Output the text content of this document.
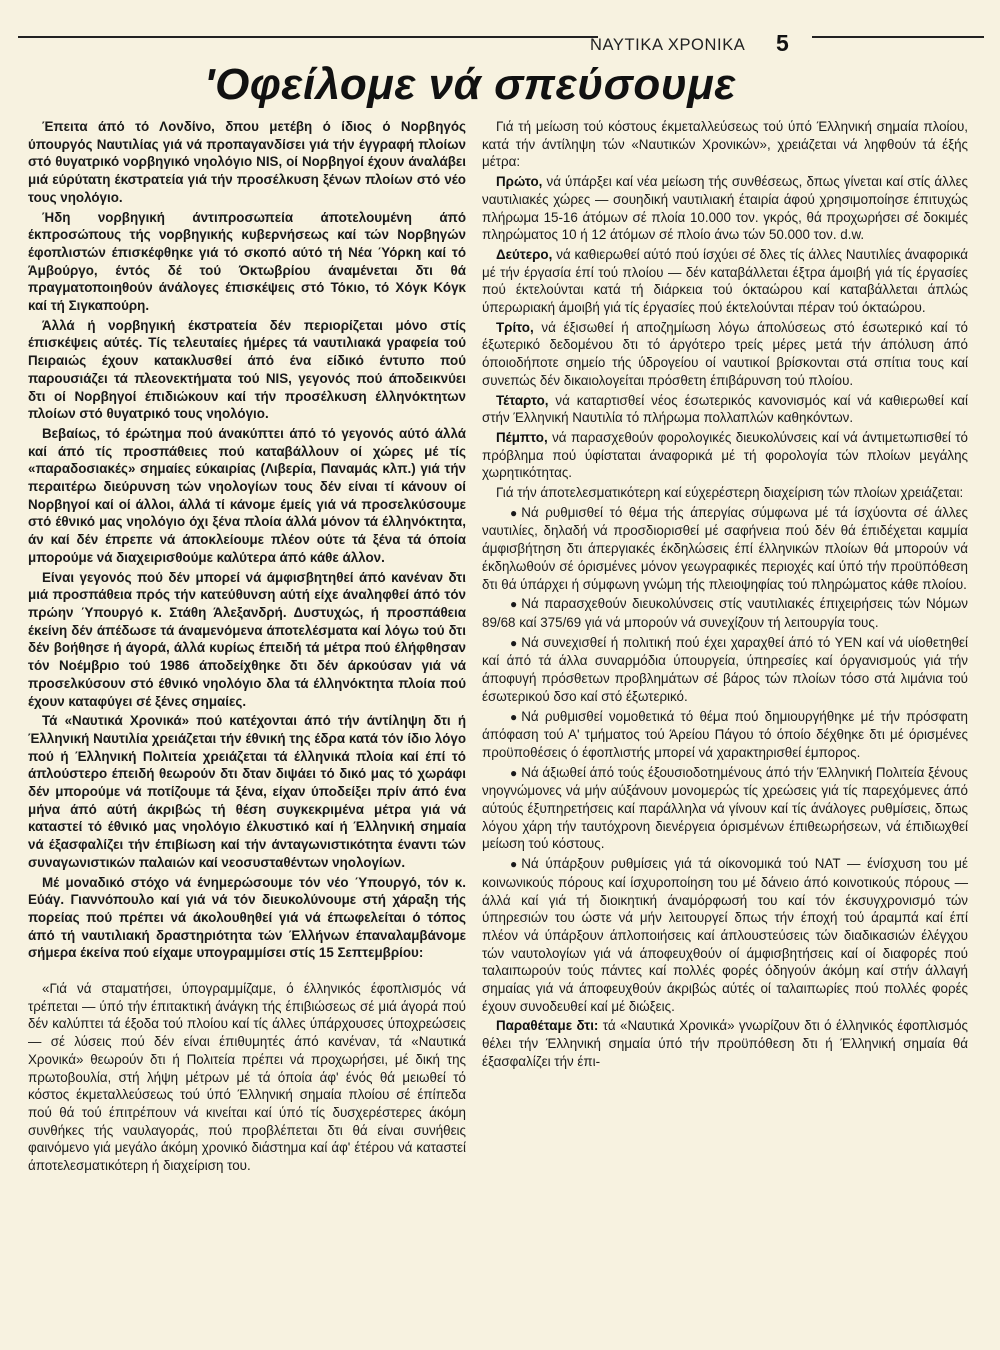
ΝΑΥΤΙΚΑ ΧΡΟΝΙΚΑ 5
'Οφείλομε νά σπεύσουμε

Έπειτα άπό τό Λονδίνο, δπου μετέβη ό ίδιος ό Νορβηγός ύπουργός Ναυτιλίας γιά νά προπαγανδίσει γιά τήν έγγραφή πλοίων στό θυγατρικό νορβηγικό νηολόγιο NIS, οί Νορβηγοί έχουν άναλάβει μιά εύρύτατη έκστρατεία γιά τήν προσέλκυση ξένων πλοίων στό νέο τους νηολόγιο.

Ήδη νορβηγική άντιπροσωπεία άποτελουμένη άπό έκπροσώπους τής νορβηγικής κυβερνήσεως καί τών Νορβηγών έφοπλιστών έπισκέφθηκε γιά τό σκοπό αύτό τή Νέα Ύόρκη καί τό Άμβούργο, έντός δέ τού Όκτωβρίου άναμένεται δτι θά πραγματοποιηθούν άνάλογες έπισκέψεις στό Τόκιο, τό Χόγκ Κόγκ καί τή Σιγκαπούρη.

Άλλά ή νορβηγική έκστρατεία δέν περιορίζεται μόνο στίς έπισκέψεις αύτές. Τίς τελευταίες ήμέρες τά ναυτιλιακά γραφεία τού Πειραιώς έχουν κατακλυσθεί άπό ένα είδικό έντυπο πού παρουσιάζει τά πλεονεκτήματα τού NIS, γεγονός πού άποδεικνύει δτι οί Νορβηγοί έπιδιώκουν καί τήν προσέλκυση έλληνόκτητων πλοίων στό θυγατρικό τους νηολόγιο.

Βεβαίως, τό έρώτημα πού άνακύπτει άπό τό γεγονός αύτό άλλά καί άπό τίς προσπάθειες πού καταβάλλουν οί χώρες μέ τίς «παραδοσιακές» σημαίες εύκαιρίας (Λιβερία, Παναμάς κλπ.) γιά τήν περαιτέρω διεύρυνση τών νηολογίων τους δέν είναι τί κάνουν οί Νορβηγοί καί οί άλλοι, άλλά τί κάνομε έμείς γιά νά προσελκύσουμε στό έθνικό μας νηολόγιο όχι ξένα πλοία άλλά μόνον τά έλληνόκτητα, άν καί δέν έπρεπε νά άποκλείουμε πλέον ούτε τά ξένα τά όποία μπορούμε νά διαχειρισθούμε καλύτερα άπό κάθε άλλον.

Είναι γεγονός πού δέν μπορεί νά άμφισβητηθεί άπό κανέναν δτι μιά προσπάθεια πρός τήν κατεύθυνση αύτή είχε άναληφθεί άπό τόν πρώην Ύπουργό κ. Στάθη Άλεξανδρή. Δυστυχώς, ή προσπάθεια έκείνη δέν άπέδωσε τά άναμενόμενα άποτελέσματα καί λόγω τού δτι δέν βοήθησε ή άγορά, άλλά κυρίως έπειδή τά μέτρα πού έλήφθησαν τόν Νοέμβριο τού 1986 άποδείχθηκε δτι δέν άρκούσαν γιά νά προσελκύσουν στό έθνικό νηολόγιο δλα τά έλληνόκτητα πλοία πού έχουν καταφύγει σέ ξένες σημαίες.

Τά «Ναυτικά Χρονικά» πού κατέχονται άπό τήν άντίληψη δτι ή Έλληνική Ναυτιλία χρειάζεται τήν έθνική της έδρα κατά τόν ίδιο λόγο πού ή Έλληνική Πολιτεία χρειάζεται τά έλληνικά πλοία καί έπί τό άπλούστερο έπειδή θεωρούν δτι δταν διψάει τό δικό μας τό χωράφι δέν μπορούμε νά ποτίζουμε τά ξένα, είχαν ύποδείξει πρίν άπό ένα μήνα άπό αύτή άκριβώς τή θέση συγκεκριμένα μέτρα γιά νά καταστεί τό έθνικό μας νηολόγιο έλκυστικό καί ή Έλληνική σημαία νά έξασφαλίζει τήν έπιβίωση καί τήν άνταγωνιστικότητα έναντι τών συναγωνιστικών παλαιών καί νεοσυσταθέντων νηολογίων.

Μέ μοναδικό στόχο νά ένημερώσουμε τόν νέο Ύπουργό, τόν κ. Εύάγ. Γιαννόπουλο καί γιά νά τόν διευκολύνουμε στή χάραξη τής πορείας πού πρέπει νά άκολουθηθεί γιά νά έπωφελείται ό τόπος άπό τή ναυτιλιακή δραστηριότητα τών Έλλήνων έπαναλαμβάνομε σήμερα έκείνα πού είχαμε υπογραμμίσει στίς 15 Σεπτεμβρίου:

«Γιά νά σταματήσει, ύπογραμμίζαμε, ό έλληνικός έφοπλισμός νά τρέπεται — ύπό τήν έπιτακτική άνάγκη τής έπιβιώσεως σέ μιά άγορά πού δέν καλύπτει τά έξοδα τού πλοίου καί τίς άλλες ύπάρχουσες ύποχρεώσεις — σέ λύσεις πού δέν είναι έπιθυμητές άπό κανέναν, τά «Ναυτικά Χρονικά» θεωρούν δτι ή Πολιτεία πρέπει νά προχωρήσει, μέ δική της πρωτοβουλία, στή λήψη μέτρων μέ τά όποία άφ' ένός θά μειωθεί τό κόστος έκμεταλλεύσεως τού ύπό Έλληνική σημαία πλοίου σέ έπίπεδα πού θά τού έπιτρέπουν νά κινείται καί ύπό τίς δυσχερέστερες άκόμη συνθήκες τής ναυλαγοράς, πού προβλέπεται δτι θά είναι συνήθεις φαινόμενο γιά μεγάλο άκόμη χρονικό διάστημα καί άφ' έτέρου νά καταστεί άποτελεσματικότερη ή διαχείριση του.

Γιά τή μείωση τού κόστους έκμεταλλεύσεως τού ύπό Έλληνική σημαία πλοίου, κατά τήν άντίληψη τών «Ναυτικών Χρονικών», χρειάζεται νά ληφθούν τά έξής μέτρα:

Πρώτο, νά ύπάρξει καί νέα μείωση τής συνθέσεως, δπως γίνεται καί στίς άλλες ναυτιλιακές χώρες — σουηδική ναυτιλιακή έταιρία άφού χρησιμοποίησε έπιτυχώς πλήρωμα 15-16 άτόμων σέ πλοία 10.000 τον. γκρός, θά προχωρήσει σέ δοκιμές πληρώματος 10 ή 12 άτόμων σέ πλοίο άνω τών 50.000 τον. d.w.

Δεύτερο, νά καθιερωθεί αύτό πού ίσχύει σέ δλες τίς άλλες Ναυτιλίες άναφορικά μέ τήν έργασία έπί τού πλοίου — δέν καταβάλλεται έξτρα άμοιβή γιά τίς έργασίες πού έκτελούνται κατά τή διάρκεια τού όκταώρου καί καταβάλλεται άπλώς ύπερωριακή άμοιβή γιά τίς έργασίες πού έκτελούνται πέραν τού όκταώρου.

Τρίτο, νά έξισωθεί ή αποζημίωση λόγω άπολύσεως στό έσωτερικό καί τό έξωτερικό δεδομένου δτι τό άργότερο τρείς μέρες μετά τήν άπόλυση άπό όποιοδήποτε σημείο τής ύδρογείου οί ναυτικοί βρίσκονται στά σπίτια τους καί συνεπώς δέν δικαιολογείται πρόσθετη έπιβάρυνση τού πλοίου.

Τέταρτο, νά καταρτισθεί νέος έσωτερικός κανονισμός καί νά καθιερωθεί καί στήν Έλληνική Ναυτιλία τό πλήρωμα πολλαπλών καθηκόντων.

Πέμπτο, νά παρασχεθούν φορολογικές διευκολύνσεις καί νά άντιμετωπισθεί τό πρόβλημα πού ύφίσταται άναφορικά μέ τή φορολογία τών πλοίων μεγάλης χωρητικότητας.

Γιά τήν άποτελεσματικότερη καί εύχερέστερη διαχείριση τών πλοίων χρειάζεται:

● Νά ρυθμισθεί τό θέμα τής άπεργίας σύμφωνα μέ τά ίσχύοντα σέ άλλες ναυτιλίες, δηλαδή νά προσδιορισθεί μέ σαφήνεια πού δέν θά έπιδέχεται καμμία άμφισβήτηση δτι άπεργιακές έκδηλώσεις έπί έλληνικών πλοίων θά μπορούν νά έκδηλωθούν σέ όρισμένες μόνον γεωγραφικές περιοχές καί ύπό τήν προϋπόθεση δτι θά ύπάρχει ή σύμφωνη γνώμη τής πλειοψηφίας τού πληρώματος κάθε πλοίου.

● Νά παρασχεθούν διευκολύνσεις στίς ναυτιλιακές έπιχειρήσεις τών Νόμων 89/68 καί 375/69 γιά νά μπορούν νά συνεχίζουν τή λειτουργία τους.

● Νά συνεχισθεί ή πολιτική πού έχει χαραχθεί άπό τό ΥΕΝ καί νά υίοθετηθεί καί άπό τά άλλα συναρμόδια ύπουργεία, ύπηρεσίες καί όργανισμούς γιά τήν άποφυγή πρόσθετων προβλημάτων σέ βάρος τών πλοίων τόσο στά λιμάνια τού έσωτερικού δσο καί στό έξωτερικό.

● Νά ρυθμισθεί νομοθετικά τό θέμα πού δημιουργήθηκε μέ τήν πρόσφατη άπόφαση τού Α' τμήματος τού Άρείου Πάγου τό όποίο δέχθηκε δτι μέ όρισμένες προϋποθέσεις ό έφοπλιστής μπορεί νά χαρακτηρισθεί έμπορος.

● Νά άξιωθεί άπό τούς έξουσιοδοτημένους άπό τήν Έλληνική Πολιτεία ξένους νηογνώμονες νά μήν αύξάνουν μονομερώς τίς χρεώσεις γιά τίς παρεχόμενες άπό αύτούς έξυπηρετήσεις καί παράλληλα νά γίνουν καί τίς άνάλογες ρυθμίσεις, δπως λόγου χάρη τήν ταυτόχρονη διενέργεια όρισμένων έπιθεωρήσεων, νά έπιδιωχθεί μείωση τού κόστους.

● Νά ύπάρξουν ρυθμίσεις γιά τά οίκονομικά τού ΝΑΤ — ένίσχυση του μέ κοινωνικούς πόρους καί ίσχυροποίηση του μέ δάνειο άπό κοινοτικούς πόρους — άλλά καί γιά τή διοικητική άναμόρφωσή του καί τόν έκσυγχρονισμό τών ύπηρεσιών του ώστε νά μήν λειτουργεί δπως τήν έποχή τού άραμπά καί έπί πλέον νά ύπάρξουν άπλοποιήσεις καί άπλουστεύσεις τών διαδικασιών έλέγχου τών ναυτολογίων γιά νά άποφευχθούν οί άμφισβητήσεις καί οί διαφορές πού ταλαιπωρούν τούς πάντες καί πολλές φορές όδηγούν άκόμη καί στήν άλλαγή σημαίας γιά νά άποφευχθούν άκριβώς αύτές οί ταλαιπωρίες πού πολλές φορές έχουν συνοδευθεί καί μέ διώξεις.

Παραθέταμε δτι: τά «Ναυτικά Χρονικά» γνωρίζουν δτι ό έλληνικός έφοπλισμός θέλει τήν Έλληνική σημαία ύπό τήν προϋπόθεση δτι ή Έλληνική σημαία θά έξασφαλίζει τήν έπι-
